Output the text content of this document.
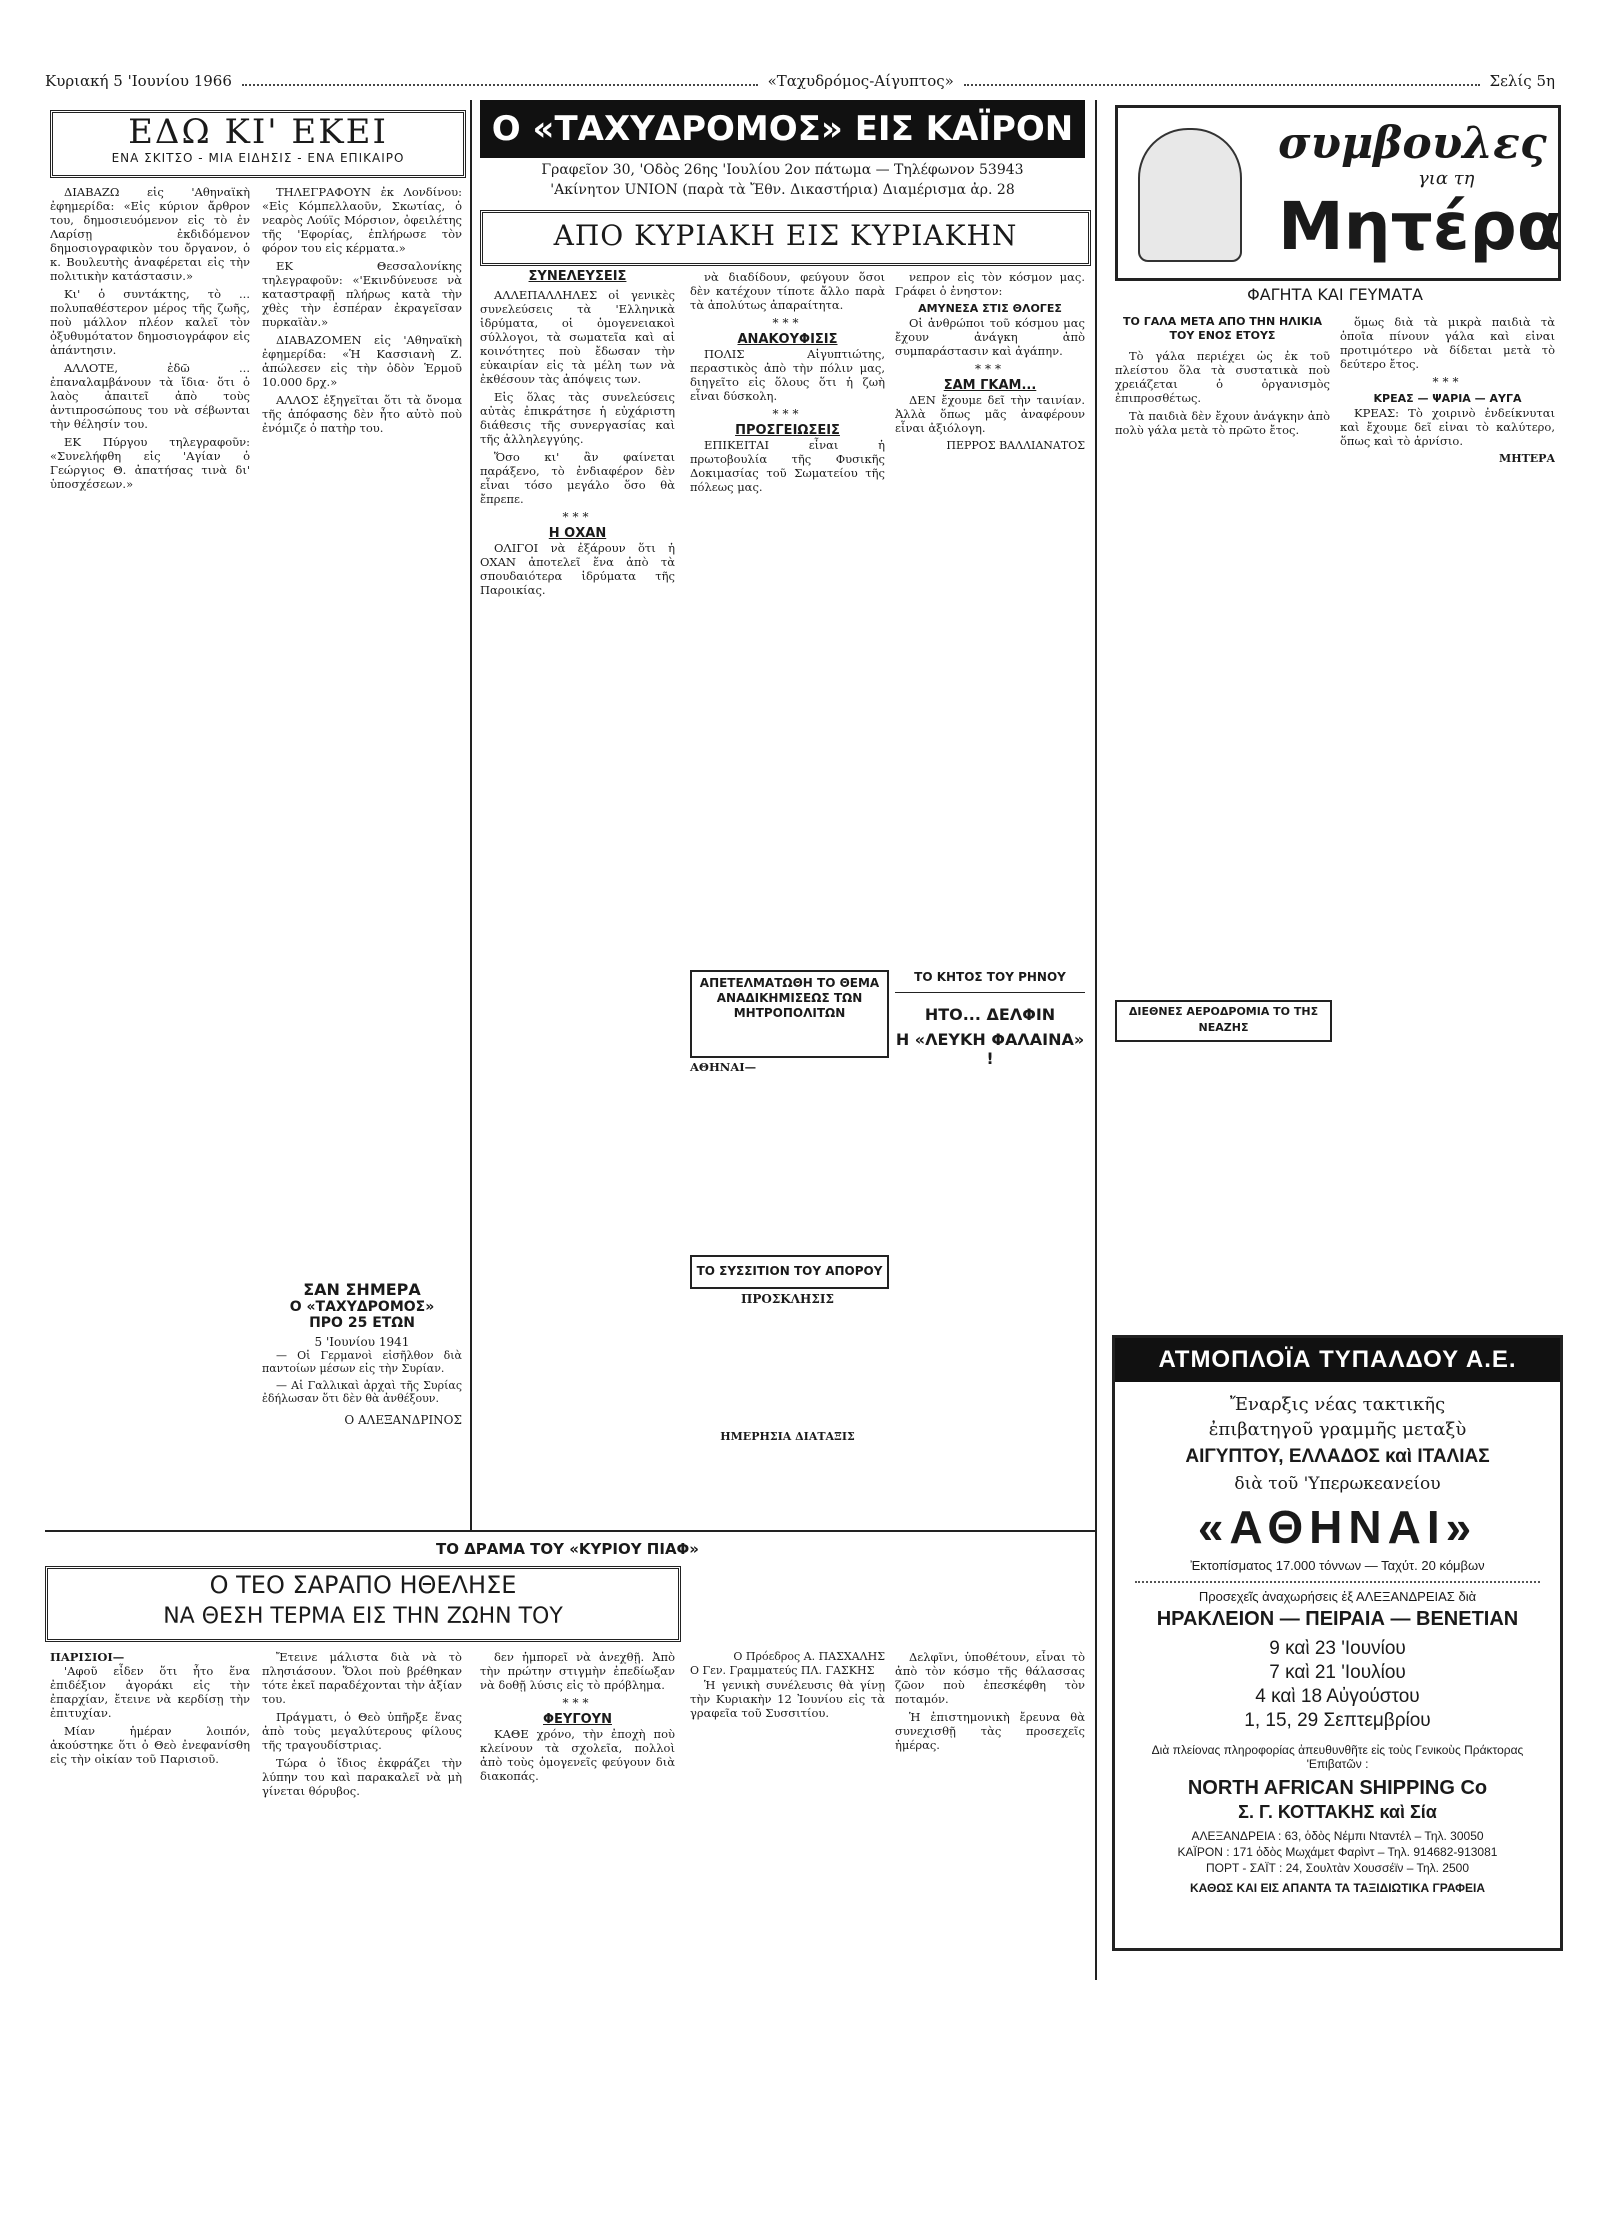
Κυριακή 5 'Ιουνίου 1966	«Ταχυδρόμος-Αίγυπτος»	Σελίς 5η
ΕΔΩ ΚΙ' ΕΚΕΙ
ΕΝΑ ΣΚΙΤΣΟ - ΜΙΑ ΕΙΔΗΣΙΣ - ΕΝΑ ΕΠΙΚΑΙΡΟ

ΔΙΑΒΑΖΩ εἰς 'Αθηναϊκὴ ἐφημερίδα: «Εἰς κύριον ἄρθρον του, δημοσιευόμενον εἰς τὸ ἐν Λαρίσῃ ἐκδιδόμενον δημοσιογραφικὸν του ὄργανον, ὁ κ. Βουλευτὴς ἀναφέρεται εἰς τὴν πολιτικὴν κατάστασιν.»

Κι' ὁ συντάκτης, τὸ ... πολυπαθέστερον μέρος τῆς ζωῆς, ποὺ μάλλον πλέον καλεῖ τὸν ὀξυθυμότατον δημοσιογράφον εἰς ἀπάντησιν.

ΑΛΛΟΤΕ, ἐδῶ ... ἐπαναλαμβάνουν τὰ ἴδια· ὅτι ὁ λαὸς ἀπαιτεῖ ἀπὸ τοὺς ἀντιπροσώπους του νὰ σέβωνται τὴν θέλησίν του.

ΕΚ Πύργου τηλεγραφοῦν: «Συνελήφθη εἰς 'Αγίαν ὁ Γεώργιος Θ. ἀπατήσας τινὰ δι' ὑποσχέσεων.»

ΤΗΛΕΓΡΑΦΟΥΝ ἐκ Λονδίνου: «Εἰς Κόμπελλαοῦν, Σκωτίας, ὁ νεαρὸς Λούϊς Μόρσιον, ὀφειλέτης τῆς 'Εφορίας, ἐπλήρωσε τὸν φόρον του εἰς κέρματα.»

ΕΚ Θεσσαλονίκης τηλεγραφοῦν: «'Εκινδύνευσε νὰ καταστραφῇ πλήρως κατὰ τὴν χθὲς τὴν ἐσπέραν ἐκραγεῖσαν πυρκαϊὰν.»

ΔΙΑΒΑΖΟΜΕΝ εἰς 'Αθηναϊκὴ ἐφημερίδα: «Ἡ Κασσιανὴ Ζ. ἀπώλεσεν εἰς τὴν ὁδὸν Ἑρμοῦ 10.000 δρχ.»

ΑΛΛΟΣ ἐξηγεῖται ὅτι τὰ ὄνομα τῆς ἀπόφασης δὲν ἦτο αὐτὸ ποὺ ἐνόμιζε ὁ πατὴρ του.

ΣΑΝ ΣΗΜΕΡΑ
Ο «ΤΑΧΥΔΡΟΜΟΣ»
ΠΡΟ 25 ΕΤΩΝ
5 'Ιουνίου 1941

— Οἱ Γερμανοὶ εἰσῆλθον διὰ παντοίων μέσων εἰς τὴν Συρίαν.

— Αἱ Γαλλικαὶ ἀρχαὶ τῆς Συρίας ἐδήλωσαν ὅτι δὲν θὰ ἀνθέξουν.

Ο ΑΛΕΞΑΝΔΡΙΝΟΣ
Ο «ΤΑΧΥΔΡΟΜΟΣ» ΕΙΣ ΚΑΪΡΟΝ
Γραφεῖον 30, 'Οδὸς 26ης 'Ιουλίου 2ον πάτωμα — Τηλέφωνον 53943
'Ακίνητον UNION (παρὰ τὰ Ἔθν. Δικαστήρια) Διαμέρισμα ἀρ. 28
ΑΠΟ ΚΥΡΙΑΚΗ ΕΙΣ ΚΥΡΙΑΚΗΝ
ΣΥΝΕΛΕΥΣΕΙΣ

ΑΛΛΕΠΑΛΛΗΛΕΣ οἱ γενικὲς συνελεύσεις τὰ 'Ελληνικὰ ἱδρύματα, οἱ ὁμογενειακοὶ σύλλογοι, τὰ σωματεῖα καὶ αἱ κοινότητες ποὺ ἔδωσαν τὴν εὐκαιρίαν εἰς τὰ μέλη των νὰ ἐκθέσουν τὰς ἀπόψεις των.

Εἰς ὅλας τὰς συνελεύσεις αὐτὰς ἐπικράτησε ἡ εὐχάριστη διάθεσις τῆς συνεργασίας καὶ τῆς ἀλληλεγγύης.

Ὅσο κι' ἂν φαίνεται παράξενο, τὸ ἐνδιαφέρον δὲν εἶναι τόσο μεγάλο ὅσο θὰ ἔπρεπε.

***
Η ΟΧΑΝ

ΟΛΙΓΟΙ νὰ ἐξάρουν ὅτι ἡ ΟΧΑΝ ἀποτελεῖ ἕνα ἀπὸ τὰ σπουδαιότερα ἱδρύματα τῆς Παροικίας.

νὰ διαδίδουν, φεύγουν ὅσοι δὲν κατέχουν τίποτε ἄλλο παρὰ τὰ ἀπολύτως ἀπαραίτητα.

***
ΑΝΑΚΟΥΦΙΣΙΣ

ΠΟΛΙΣ Αἰγυπτιώτης, περαστικὸς ἀπὸ τὴν πόλιν μας, διηγεῖτο εἰς ὅλους ὅτι ἡ ζωὴ εἶναι δύσκολη.

***
ΠΡΟΣΓΕΙΩΣΕΙΣ

ΕΠΙΚΕΙΤΑΙ εἶναι ἡ πρωτοβουλία τῆς Φυσικῆς Δοκιμασίας τοῦ Σωματείου τῆς πόλεως μας.

νεπρον εἰς τὸν κόσμον μας. Γράφει ὁ ἐνηστον:

ΑΜΥΝΕΣΑ ΣΤΙΣ ΘΛΟΓΕΣ

Οἱ ἀνθρώποι τοῦ κόσμου μας ἔχουν ἀνάγκη ἀπὸ συμπαράστασιν καὶ ἀγάπην.

***
ΣΑΜ ΓΚΑΜ...

ΔΕΝ ἔχουμε δεῖ τὴν ταινίαν. Ἀλλὰ ὅπως μᾶς ἀναφέρουν εἶναι ἀξιόλογη.

ΠΕΡΡΟΣ ΒΑΛΛΙΑΝΑΤΟΣ
ΑΠΕΤΕΛΜΑΤΩΘΗ ΤΟ ΘΕΜΑ ΑΝΑΔΙΚΗΜΙΣΕΩΣ ΤΩΝ ΜΗΤΡΟΠΟΛΙΤΩΝ
ΑΘΗΝΑΙ—
ΤΟ ΣΥΣΣΙΤΙΟΝ ΤΟΥ ΑΠΟΡΟΥ
ΠΡΟΣΚΛΗΣΙΣ
ΗΜΕΡΗΣΙΑ ΔΙΑΤΑΞΙΣ
ΤΟ ΚΗΤΟΣ ΤΟΥ ΡΗΝΟΥ
ΗΤΟ... ΔΕΛΦΙΝ
Η «ΛΕΥΚΗ ΦΑΛΑΙΝΑ» !
συμβουλες
για τη
Μητέρα
ΦΑΓΗΤΑ ΚΑΙ ΓΕΥΜΑΤΑ
ΤΟ ΓΑΛΑ ΜΕΤΑ ΑΠΟ ΤΗΝ ΗΛΙΚΙΑ ΤΟΥ ΕΝΟΣ ΕΤΟΥΣ

Τὸ γάλα περιέχει ὡς ἐκ τοῦ πλείστου ὅλα τὰ συστατικὰ ποὺ χρειάζεται ὁ ὀργανισμὸς ἐπιπροσθέτως.

Τὰ παιδιὰ δὲν ἔχουν ἀνάγκην ἀπὸ πολὺ γάλα μετὰ τὸ πρῶτο ἔτος.

ὅμως διὰ τὰ μικρὰ παιδιὰ τὰ ὁποῖα πίνουν γάλα καὶ εἰναι προτιμότερο νὰ δίδεται μετὰ τὸ δεύτερο ἔτος.

***
ΚΡΕΑΣ — ΨΑΡΙΑ — ΑΥΓΑ

ΚΡΕΑΣ: Τὸ χοιρινὸ ἐνδείκνυται καὶ ἔχουμε δεῖ εἰναι τὸ καλύτερο, ὅπως καὶ τὸ ἀρνίσιο.

ΜΗΤΕΡΑ
ΔΙΕΘΝΕΣ ΑΕΡΟΔΡΟΜΙΑ ΤΟ ΤΗΣ ΝΕΑΖΗΣ
ΤΟ ΔΡΑΜΑ ΤΟΥ «ΚΥΡΙΟΥ ΠΙΑΦ»
Ο ΤΕΟ ΣΑΡΑΠΟ ΗΘΕΛΗΣΕ
ΝΑ ΘΕΣΗ ΤΕΡΜΑ ΕΙΣ ΤΗΝ ΖΩΗΝ ΤΟΥ
ΠΑΡΙΣΙΟΙ—

'Αφοῦ εἶδεν ὅτι ἦτο ἕνα ἐπιδέξιον ἀγοράκι εἰς τὴν ἐπαρχίαν, ἔτεινε νὰ κερδίσῃ τὴν ἐπιτυχίαν.

Μίαν ἡμέραν λοιπόν, ἀκούστηκε ὅτι ὁ Θεὸ ἐνεφανίσθη εἰς τὴν οἰκίαν τοῦ Παρισιοῦ.

Ἔτεινε μάλιστα διὰ νὰ τὸ πλησιάσουν. Ὅλοι ποὺ βρέθηκαν τότε ἐκεῖ παραδέχονται τὴν ἀξίαν του.

Πράγματι, ὁ Θεὸ ὑπῆρξε ἕνας ἀπὸ τοὺς μεγαλύτερους φίλους τῆς τραγουδίστριας.

Τώρα ὁ ἴδιος ἐκφράζει τὴν λύπην του καὶ παρακαλεῖ νὰ μὴ γίνεται θόρυβος.

δεν ἠμπορεῖ νὰ ἀνεχθῇ. Ἀπὸ τὴν πρώτην στιγμὴν ἐπεδίωξαν νὰ δοθῇ λύσις εἰς τὸ πρόβλημα.

***
ΦΕΥΓΟΥΝ

ΚΑΘΕ χρόνο, τὴν ἐποχὴ ποὺ κλείνουν τὰ σχολεῖα, πολλοὶ ἀπὸ τοὺς ὁμογενεῖς φεύγουν διὰ διακοπάς.

Ο Πρόεδρος Α. ΠΑΣΧΑΛΗΣ
Ο Γεν. Γραμματεύς ΠΛ. ΓΑΣΚΗΣ

Ἡ γενικὴ συνέλευσις θὰ γίνῃ τὴν Κυριακὴν 12 Ἰουνίου εἰς τὰ γραφεῖα τοῦ Συσσιτίου.

Δελφῖνι, ὑποθέτουν, εἶναι τὸ ἀπὸ τὸν κόσμο τῆς θάλασσας ζῶον ποὺ ἐπεσκέφθη τὸν ποταμόν.

Ἡ ἐπιστημονικὴ ἔρευνα θὰ συνεχισθῇ τὰς προσεχεῖς ἡμέρας.

ΑΤΜΟΠΛΟΪΑ ΤΥΠΑΛΔΟΥ Α.Ε.
Ἔναρξις νέας τακτικῆς
ἐπιβατηγοῦ γραμμῆς μεταξὺ
ΑΙΓΥΠΤΟΥ, ΕΛΛΑΔΟΣ καὶ ΙΤΑΛΙΑΣ
διὰ τοῦ 'Υπερωκεανείου
«ΑΘΗΝΑΙ»
Ἐκτοπίσματος 17.000 τόννων — Ταχύτ. 20 κόμβων
Προσεχεῖς ἀναχωρήσεις ἐξ ΑΛΕΞΑΝΔΡΕΙΑΣ διὰ
ΗΡΑΚΛΕΙΟΝ — ΠΕΙΡΑΙΑ — ΒΕΝΕΤΙΑΝ
9 καὶ 23 'Ιουνίου
7 καὶ 21 'Ιουλίου
4 καὶ 18 Αὐγούστου
1, 15, 29 Σεπτεμβρίου
Διὰ πλείονας πληροφορίας ἀπευθυνθῆτε εἰς τοὺς Γενικοὺς Πράκτορας 'Επιβατῶν :
NORTH AFRICAN SHIPPING Co
Σ. Γ. ΚΟΤΤΑΚΗΣ καὶ Σία
ΑΛΕΞΑΝΔΡΕΙΑ : 63, ὁδὸς Νέμπι Νταντέλ – Τηλ. 30050
ΚΑΪΡΟΝ : 171 ὁδὸς Μωχάμετ Φαρὶντ – Τηλ. 914682-913081
ΠΟΡΤ - ΣΑΪΤ : 24, Σουλτὰν Χουσσέϊν – Τηλ. 2500
ΚΑΘΩΣ ΚΑΙ ΕΙΣ ΑΠΑΝΤΑ ΤΑ ΤΑΞΙΔΙΩΤΙΚΑ ΓΡΑΦΕΙΑ
